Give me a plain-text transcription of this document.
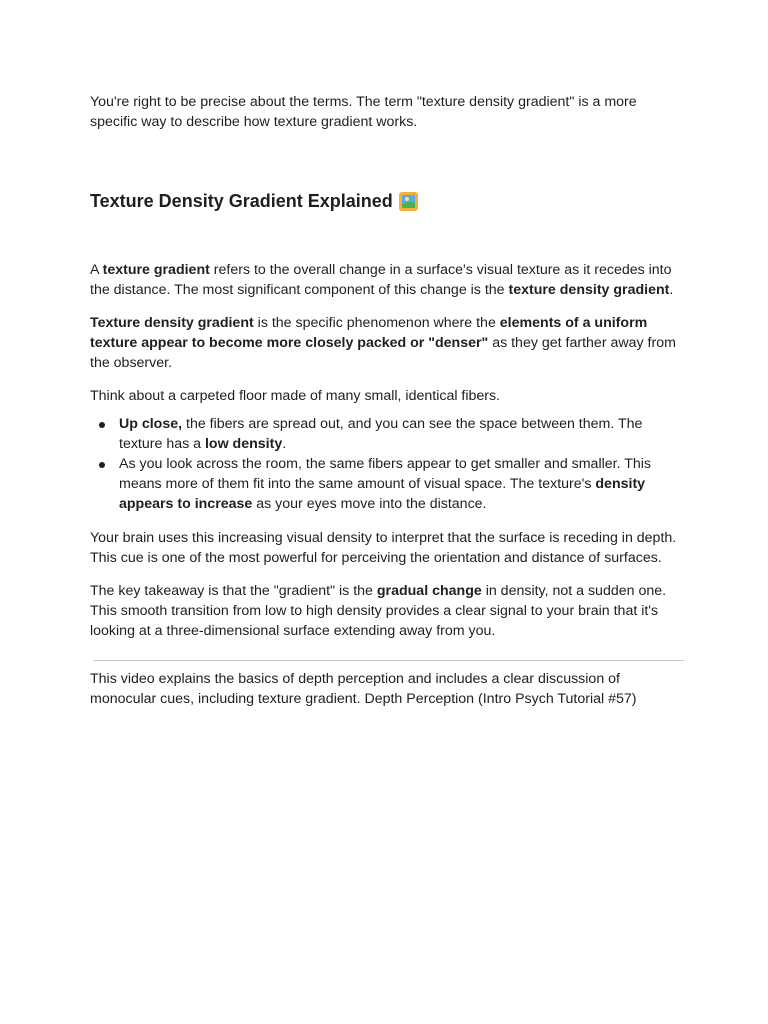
You're right to be precise about the terms. The term "texture density gradient" is a more specific way to describe how texture gradient works.

Texture Density Gradient Explained

A texture gradient refers to the overall change in a surface's visual texture as it recedes into the distance. The most significant component of this change is the texture density gradient.

Texture density gradient is the specific phenomenon where the elements of a uniform texture appear to become more closely packed or "denser" as they get farther away from the observer.

Think about a carpeted floor made of many small, identical fibers.

Up close, the fibers are spread out, and you can see the space between them. The texture has a low density.
As you look across the room, the same fibers appear to get smaller and smaller. This means more of them fit into the same amount of visual space. The texture's density appears to increase as your eyes move into the distance.

Your brain uses this increasing visual density to interpret that the surface is receding in depth. This cue is one of the most powerful for perceiving the orientation and distance of surfaces.

The key takeaway is that the "gradient" is the gradual change in density, not a sudden one. This smooth transition from low to high density provides a clear signal to your brain that it's looking at a three-dimensional surface extending away from you.

This video explains the basics of depth perception and includes a clear discussion of monocular cues, including texture gradient. Depth Perception (Intro Psych Tutorial #57)
